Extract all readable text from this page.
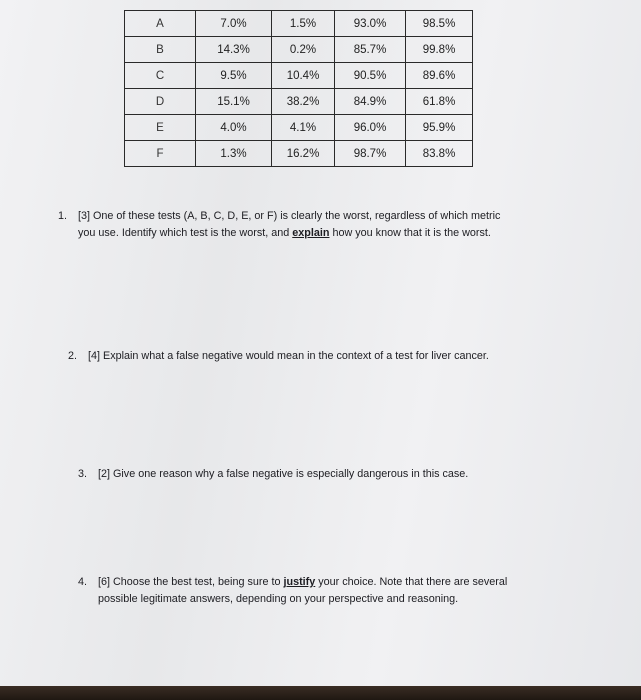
A	7.0%	1.5%	93.0%	98.5%
B	14.3%	0.2%	85.7%	99.8%
C	9.5%	10.4%	90.5%	89.6%
D	15.1%	38.2%	84.9%	61.8%
E	4.0%	4.1%	96.0%	95.9%
F	1.3%	16.2%	98.7%	83.8%
1. [3] One of these tests (A, B, C, D, E, or F) is clearly the worst, regardless of which metric
you use. Identify which test is the worst, and explain how you know that it is the worst.
2. [4] Explain what a false negative would mean in the context of a test for liver cancer.
3. [2] Give one reason why a false negative is especially dangerous in this case.
4. [6] Choose the best test, being sure to justify your choice. Note that there are several
possible legitimate answers, depending on your perspective and reasoning.
